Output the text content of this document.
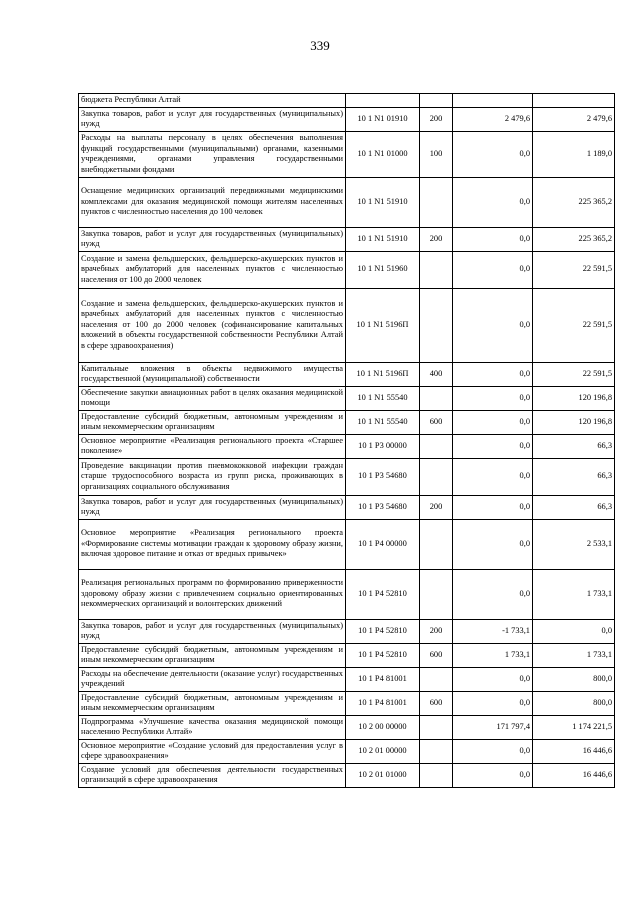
339
бюджета Республики Алтай				
Закупка товаров, работ и услуг для государственных (муниципальных) нужд	10 1 N1 01910	200	2 479,6	2 479,6
Расходы на выплаты персоналу в целях обеспечения выполнения функций государственными (муниципальными) органами, казенными учреждениями, органами управления государственными внебюджетными фондами	10 1 N1 01000	100	0,0	1 189,0
Оснащение медицинских организаций передвижными медицинскими комплексами для оказания медицинской помощи жителям населенных пунктов с численностью населения до 100 человек	10 1 N1 51910		0,0	225 365,2
Закупка товаров, работ и услуг для государственных (муниципальных) нужд	10 1 N1 51910	200	0,0	225 365,2
Создание и замена фельдшерских, фельдшерско-акушерских пунктов и врачебных амбулаторий для населенных пунктов с численностью населения от 100 до 2000 человек	10 1 N1 51960		0,0	22 591,5
Создание и замена фельдшерских, фельдшерско-акушерских пунктов и врачебных амбулаторий для населенных пунктов с численностью населения от 100 до 2000 человек (софинансирование капитальных вложений в объекты государственной собственности Республики Алтай в сфере здравоохранения)	10 1 N1 5196П		0,0	22 591,5
Капитальные вложения в объекты недвижимого имущества государственной (муниципальной) собственности	10 1 N1 5196П	400	0,0	22 591,5
Обеспечение закупки авиационных работ в целях оказания медицинской помощи	10 1 N1 55540		0,0	120 196,8
Предоставление субсидий бюджетным, автономным учреждениям и иным некоммерческим организациям	10 1 N1 55540	600	0,0	120 196,8
Основное мероприятие «Реализация регионального проекта «Старшее поколение»	10 1 P3 00000		0,0	66,3
Проведение вакцинации против пневмококковой инфекции граждан старше трудоспособного возраста из групп риска, проживающих в организациях социального обслуживания	10 1 P3 54680		0,0	66,3
Закупка товаров, работ и услуг для государственных (муниципальных) нужд	10 1 P3 54680	200	0,0	66,3
Основное мероприятие «Реализация регионального проекта «Формирование системы мотивации граждан к здоровому образу жизни, включая здоровое питание и отказ от вредных привычек»	10 1 P4 00000		0,0	2 533,1
Реализация региональных программ по формированию приверженности здоровому образу жизни с привлечением социально ориентированных некоммерческих организаций и волонтерских движений	10 1 P4 52810		0,0	1 733,1
Закупка товаров, работ и услуг для государственных (муниципальных) нужд	10 1 P4 52810	200	-1 733,1	0,0
Предоставление субсидий бюджетным, автономным учреждениям и иным некоммерческим организациям	10 1 P4 52810	600	1 733,1	1 733,1
Расходы на обеспечение деятельности (оказание услуг) государственных учреждений	10 1 P4 81001		0,0	800,0
Предоставление субсидий бюджетным, автономным учреждениям и иным некоммерческим организациям	10 1 P4 81001	600	0,0	800,0
Подпрограмма «Улучшение качества оказания медицинской помощи населению Республики Алтай»	10 2 00 00000		171 797,4	1 174 221,5
Основное мероприятие «Создание условий для предоставления услуг в сфере здравоохранения»	10 2 01 00000		0,0	16 446,6
Создание условий для обеспечения деятельности государственных организаций в сфере здравоохранения	10 2 01 01000		0,0	16 446,6
